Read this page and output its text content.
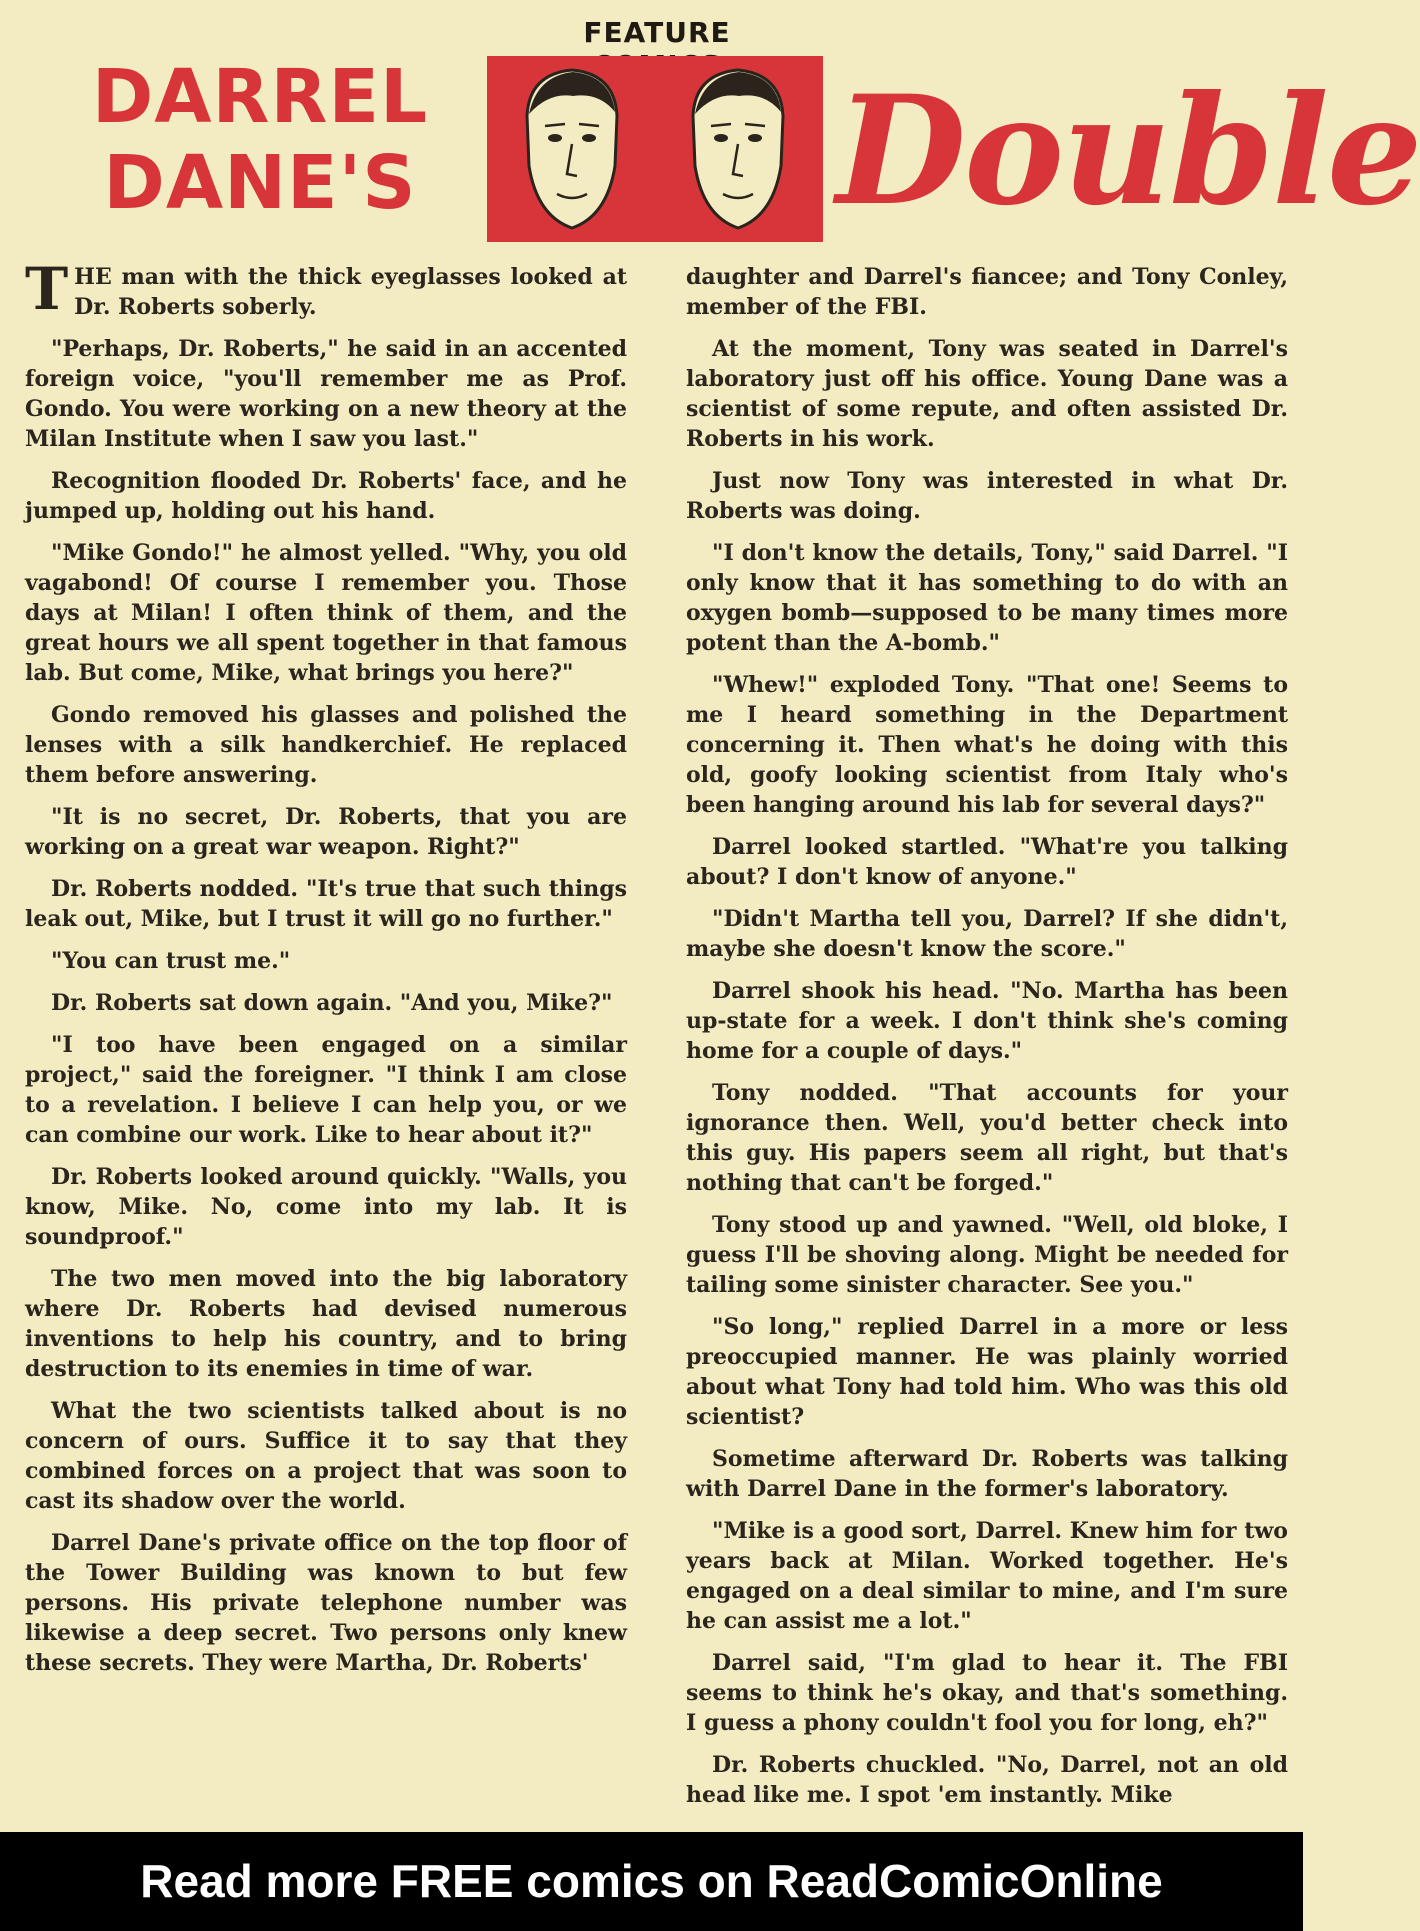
FEATURE
DARREL
DANE'S	Double

THE man with the thick eyeglasses looked at Dr. Roberts soberly.

"Perhaps, Dr. Roberts," he said in an accented foreign voice, "you'll remember me as Prof. Gondo. You were working on a new theory at the Milan Institute when I saw you last."

Recognition flooded Dr. Roberts' face, and he jumped up, holding out his hand.

"Mike Gondo!" he almost yelled. "Why, you old vagabond! Of course I remember you. Those days at Milan! I often think of them, and the great hours we all spent together in that famous lab. But come, Mike, what brings you here?"

Gondo removed his glasses and polished the lenses with a silk handkerchief. He replaced them before answering.

"It is no secret, Dr. Roberts, that you are working on a great war weapon. Right?"

Dr. Roberts nodded. "It's true that such things leak out, Mike, but I trust it will go no further."

"You can trust me."

Dr. Roberts sat down again. "And you, Mike?"

"I too have been engaged on a similar project," said the foreigner. "I think I am close to a revelation. I believe I can help you, or we can combine our work. Like to hear about it?"

Dr. Roberts looked around quickly. "Walls, you know, Mike. No, come into my lab. It is soundproof."

The two men moved into the big laboratory where Dr. Roberts had devised numerous inventions to help his country, and to bring destruction to its enemies in time of war.

What the two scientists talked about is no concern of ours. Suffice it to say that they combined forces on a project that was soon to cast its shadow over the world.

Darrel Dane's private office on the top floor of the Tower Building was known to but few persons. His private telephone number was likewise a deep secret. Two persons only knew these secrets. They were Martha, Dr. Roberts'

daughter and Darrel's fiancee; and Tony Conley, member of the FBI.

At the moment, Tony was seated in Darrel's laboratory just off his office. Young Dane was a scientist of some repute, and often assisted Dr. Roberts in his work.

Just now Tony was interested in what Dr. Roberts was doing.

"I don't know the details, Tony," said Darrel. "I only know that it has something to do with an oxygen bomb—supposed to be many times more potent than the A-bomb."

"Whew!" exploded Tony. "That one! Seems to me I heard something in the Department concerning it. Then what's he doing with this old, goofy looking scientist from Italy who's been hanging around his lab for several days?"

Darrel looked startled. "What're you talking about? I don't know of anyone."

"Didn't Martha tell you, Darrel? If she didn't, maybe she doesn't know the score."

Darrel shook his head. "No. Martha has been up-state for a week. I don't think she's coming home for a couple of days."

Tony nodded. "That accounts for your ignorance then. Well, you'd better check into this guy. His papers seem all right, but that's nothing that can't be forged."

Tony stood up and yawned. "Well, old bloke, I guess I'll be shoving along. Might be needed for tailing some sinister character. See you."

"So long," replied Darrel in a more or less preoccupied manner. He was plainly worried about what Tony had told him. Who was this old scientist?

Sometime afterward Dr. Roberts was talking with Darrel Dane in the former's laboratory.

"Mike is a good sort, Darrel. Knew him for two years back at Milan. Worked together. He's engaged on a deal similar to mine, and I'm sure he can assist me a lot."

Darrel said, "I'm glad to hear it. The FBI seems to think he's okay, and that's something. I guess a phony couldn't fool you for long, eh?"

Dr. Roberts chuckled. "No, Darrel, not an old head like me. I spot 'em instantly. Mike

Read more FREE comics on ReadComicOnline
